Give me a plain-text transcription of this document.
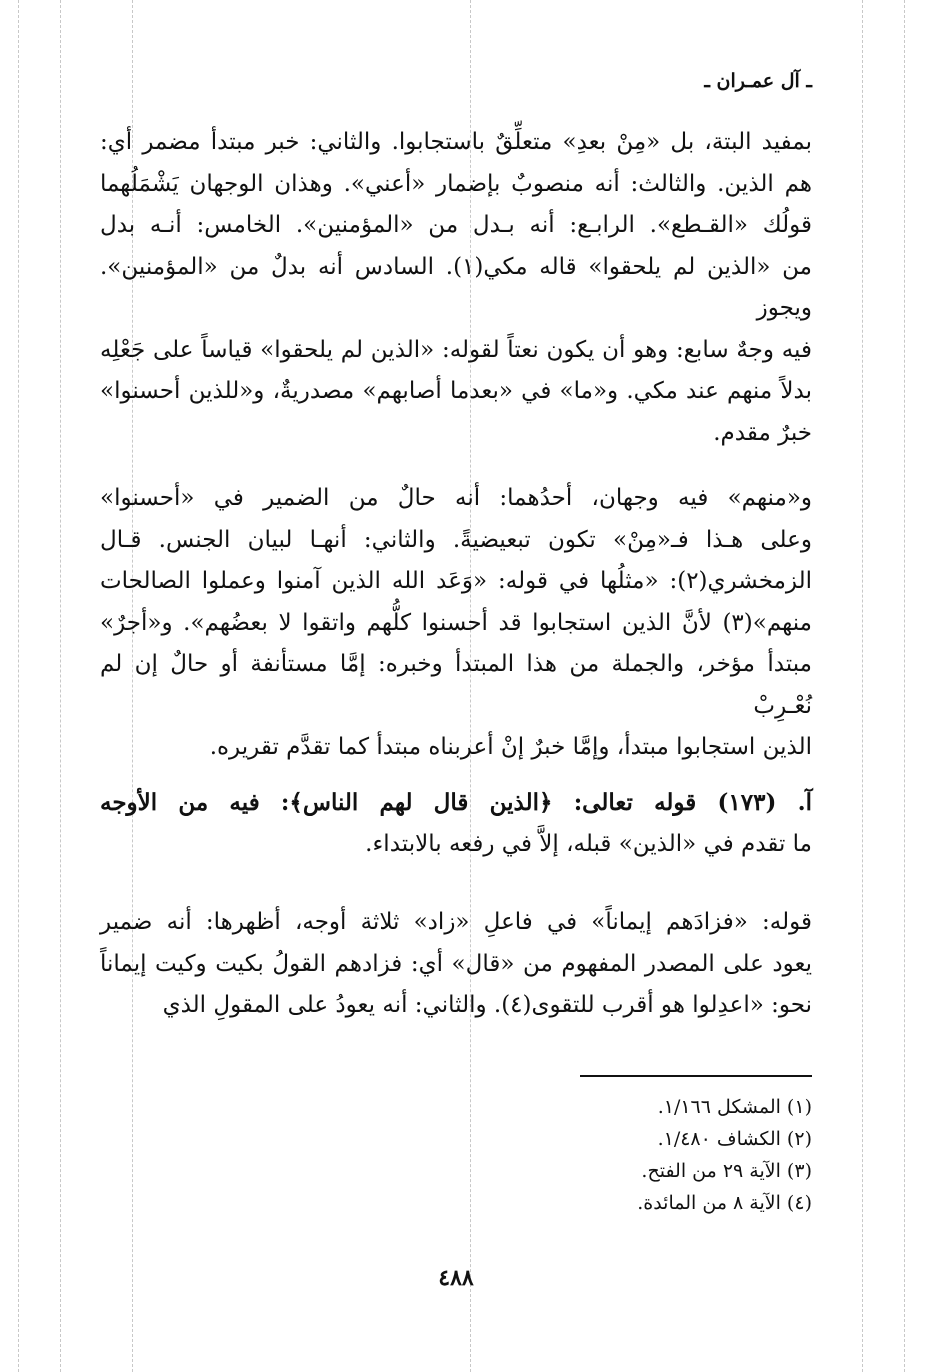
ـ آل عمـران ـ
بمفيد البتة، بل «مِنْ بعدِ» متعلِّقٌ باستجابوا. والثاني: خبر مبتدأ مضمر أي:
هم الذين. والثالث: أنه منصوبٌ بإضمار «أعني». وهذان الوجهان يَشْمَلُهما
قولُك «القـطع». الرابـع: أنه بـدل من «المؤمنين». الخامس: أنـه بدل
من «الذين لم يلحقوا» قاله مكي(١). السادس أنه بدلٌ من «المؤمنين». ويجوز
فيه وجهٌ سابع: وهو أن يكون نعتاً لقوله: «الذين لم يلحقوا» قياساً على جَعْلِه
بدلاً منهم عند مكي. و«ما» في «بعدما أصابهم» مصدريةٌ، و«للذين أحسنوا»
خبرٌ مقدم.
و«منهم» فيه وجهان، أحدُهما: أنه حالٌ من الضمير في «أحسنوا»
وعلى هـذا فـ«مِنْ» تكون تبعيضيةً. والثاني: أنهـا لبيان الجنس. قـال
الزمخشري(٢): «مثلُها في قوله: «وَعَد الله الذين آمنوا وعملوا الصالحات
منهم»(٣) لأنَّ الذين استجابوا قد أحسنوا كلُّهم واتقوا لا بعضُهم». و«أجرٌ»
مبتدأ مؤخر، والجملة من هذا المبتدأ وخبره: إمَّا مستأنفة أو حالٌ إن لم نُعْـرِبْ
الذين استجابوا مبتدأ، وإمَّا خبرٌ إنْ أعربناه مبتدأ كما تقدَّم تقريره.
آ. (١٧٣) قوله تعالى: ﴿الذين قال لهم الناس﴾: فيه من الأوجه
ما تقدم في «الذين» قبله، إلاَّ في رفعه بالابتداء.
قوله: «فزادَهم إيماناً» في فاعلِ «زاد» ثلاثة أوجه، أظهرها: أنه ضمير
يعود على المصدر المفهوم من «قال» أي: فزادهم القولُ بكيت وكيت إيماناً
نحو: «اعدِلوا هو أقرب للتقوى(٤). والثاني: أنه يعودُ على المقولِ الذي
(١) المشكل ١/١٦٦.
(٢) الكشاف ١/٤٨٠.
(٣) الآية ٢٩ من الفتح.
(٤) الآية ٨ من المائدة.
٤٨٨
